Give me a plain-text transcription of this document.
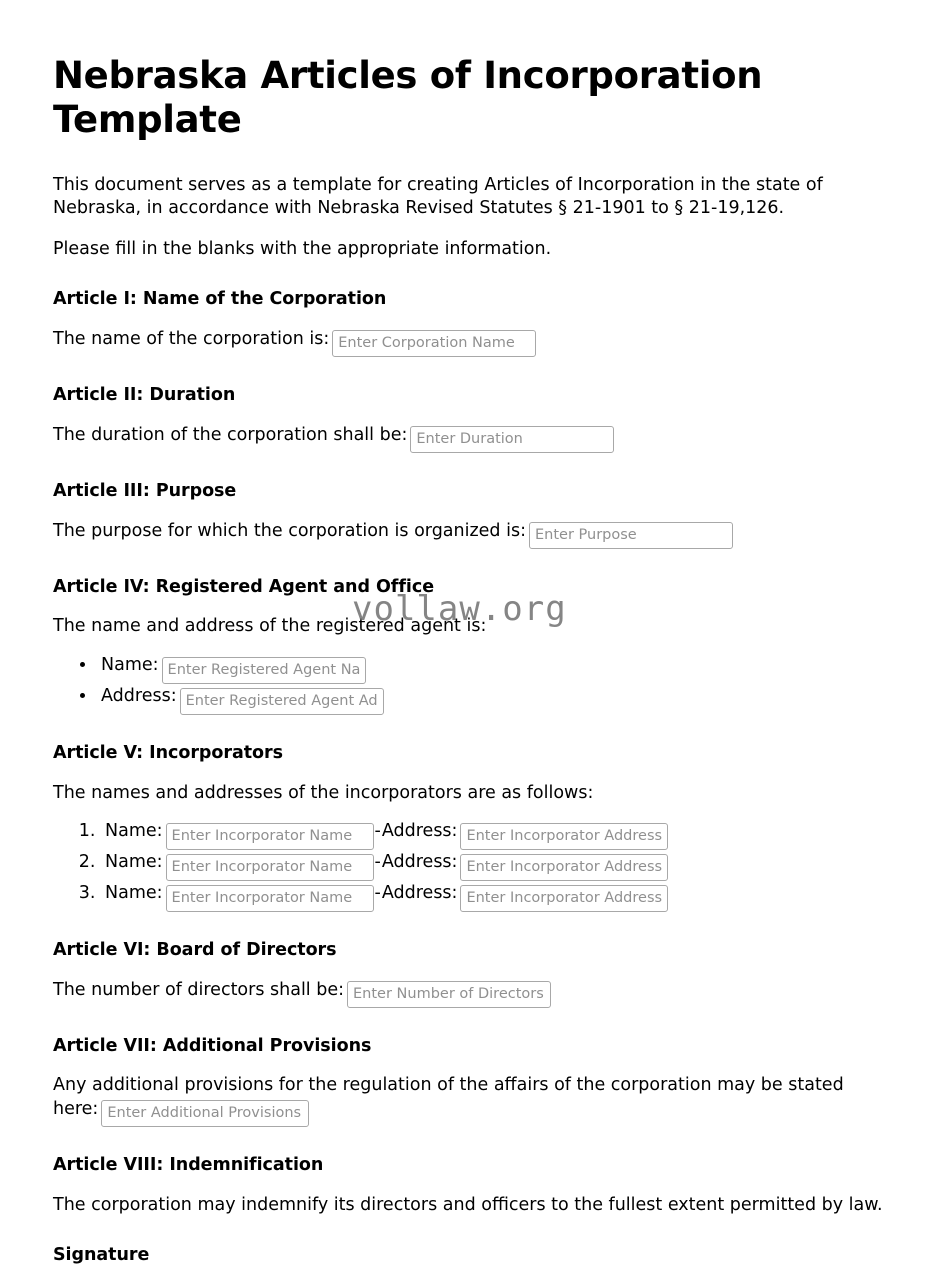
vollaw.org
Nebraska Articles of Incorporation Template

This document serves as a template for creating Articles of Incorporation in the state of Nebraska, in accordance with Nebraska Revised Statutes § 21-1901 to § 21-19,126.

Please fill in the blanks with the appropriate information.

Article I: Name of the Corporation

The name of the corporation is:Enter Corporation Name

Article II: Duration

The duration of the corporation shall be:Enter Duration

Article III: Purpose

The purpose for which the corporation is organized is:Enter Purpose

Article IV: Registered Agent and Office

The name and address of the registered agent is:

• Name:Enter Registered Agent Name
• Address:Enter Registered Agent Address
Article V: Incorporators

The names and addresses of the incorporators are as follows:

1. Name:Enter Incorporator Name	-Address:Enter Incorporator Address
2. Name:Enter Incorporator Name	-Address:Enter Incorporator Address
3. Name:Enter Incorporator Name	-Address:Enter Incorporator Address
Article VI: Board of Directors

The number of directors shall be:Enter Number of Directors

Article VII: Additional Provisions

Any additional provisions for the regulation of the affairs of the corporation may be stated here:Enter Additional Provisions

Article VIII: Indemnification

The corporation may indemnify its directors and officers to the fullest extent permitted by law.

Signature
